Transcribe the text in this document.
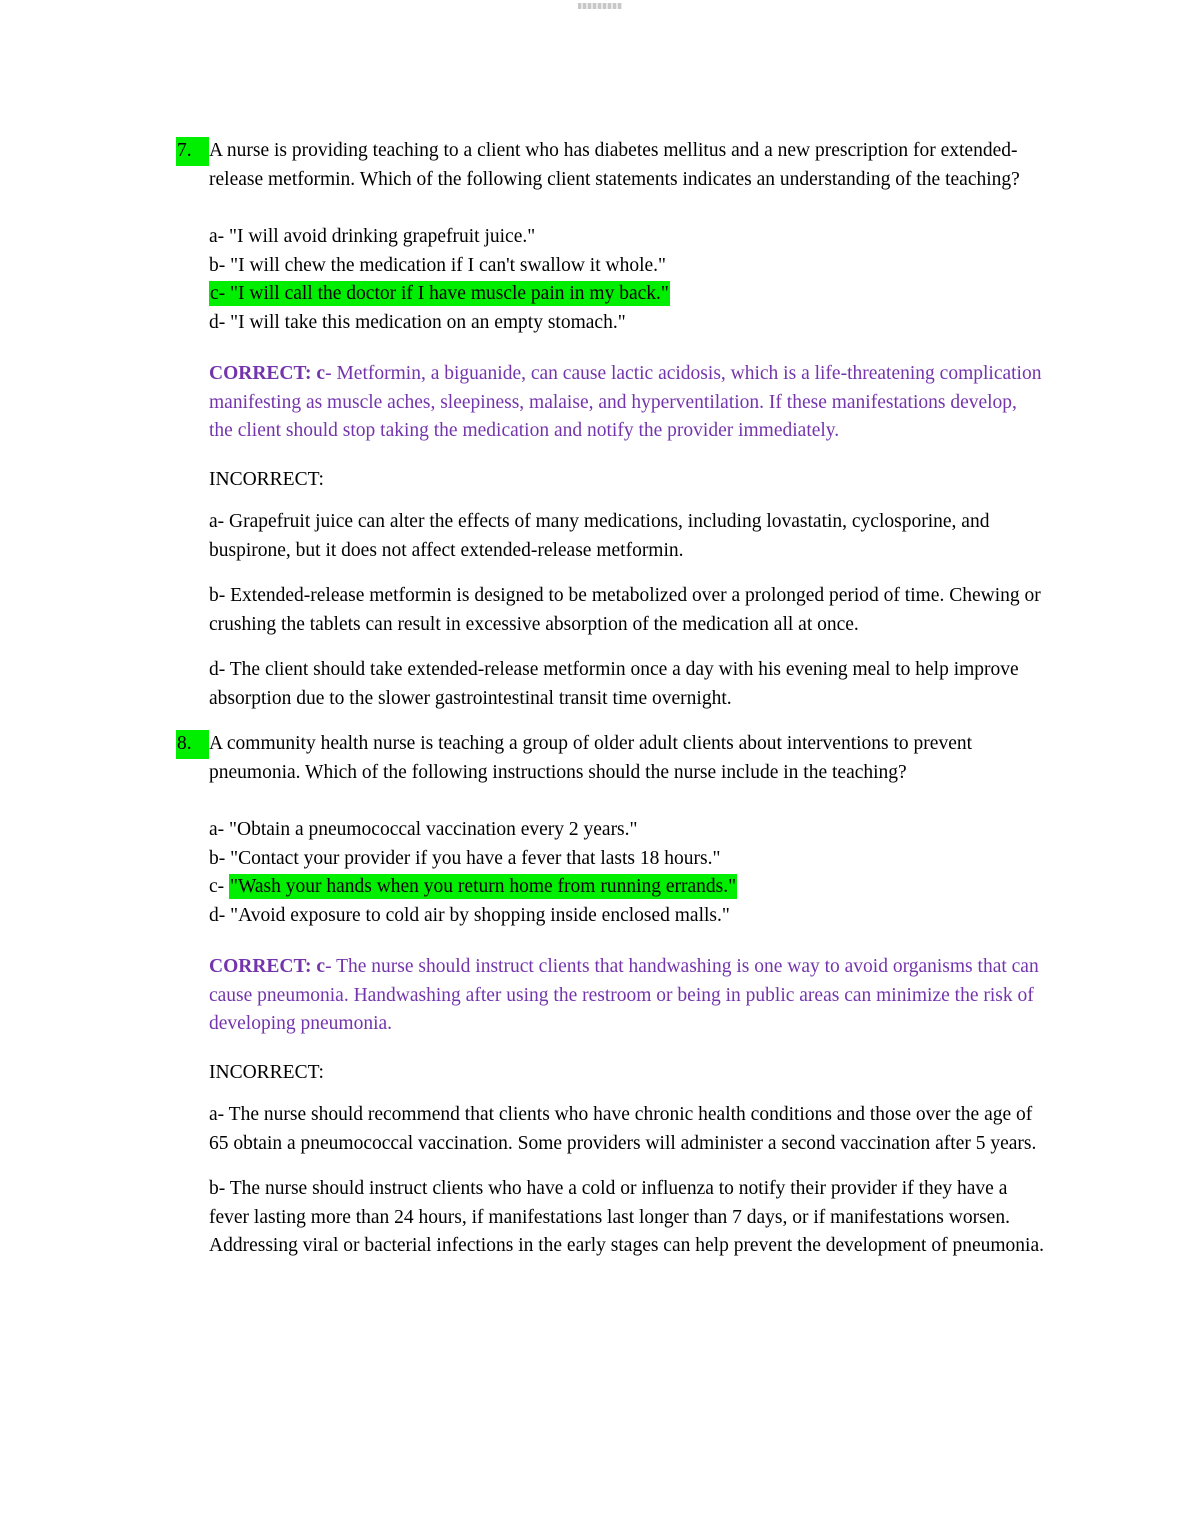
7. A nurse is providing teaching to a client who has diabetes mellitus and a new prescription for extended-release metformin. Which of the following client statements indicates an understanding of the teaching?

a- "I will avoid drinking grapefruit juice."

b- "I will chew the medication if I can't swallow it whole."

c- "I will call the doctor if I have muscle pain in my back."

d- "I will take this medication on an empty stomach."

CORRECT: c- Metformin, a biguanide, can cause lactic acidosis, which is a life-threatening complication manifesting as muscle aches, sleepiness, malaise, and hyperventilation. If these manifestations develop, the client should stop taking the medication and notify the provider immediately.

INCORRECT:

a- Grapefruit juice can alter the effects of many medications, including lovastatin, cyclosporine, and buspirone, but it does not affect extended-release metformin.

b- Extended-release metformin is designed to be metabolized over a prolonged period of time. Chewing or crushing the tablets can result in excessive absorption of the medication all at once.

d- The client should take extended-release metformin once a day with his evening meal to help improve absorption due to the slower gastrointestinal transit time overnight.

8. A community health nurse is teaching a group of older adult clients about interventions to prevent pneumonia. Which of the following instructions should the nurse include in the teaching?

a- "Obtain a pneumococcal vaccination every 2 years."

b- "Contact your provider if you have a fever that lasts 18 hours."

c- "Wash your hands when you return home from running errands."

d- "Avoid exposure to cold air by shopping inside enclosed malls."

CORRECT: c- The nurse should instruct clients that handwashing is one way to avoid organisms that can cause pneumonia. Handwashing after using the restroom or being in public areas can minimize the risk of developing pneumonia.

INCORRECT:

a- The nurse should recommend that clients who have chronic health conditions and those over the age of 65 obtain a pneumococcal vaccination. Some providers will administer a second vaccination after 5 years.

b- The nurse should instruct clients who have a cold or influenza to notify their provider if they have a fever lasting more than 24 hours, if manifestations last longer than 7 days, or if manifestations worsen. Addressing viral or bacterial infections in the early stages can help prevent the development of pneumonia.
